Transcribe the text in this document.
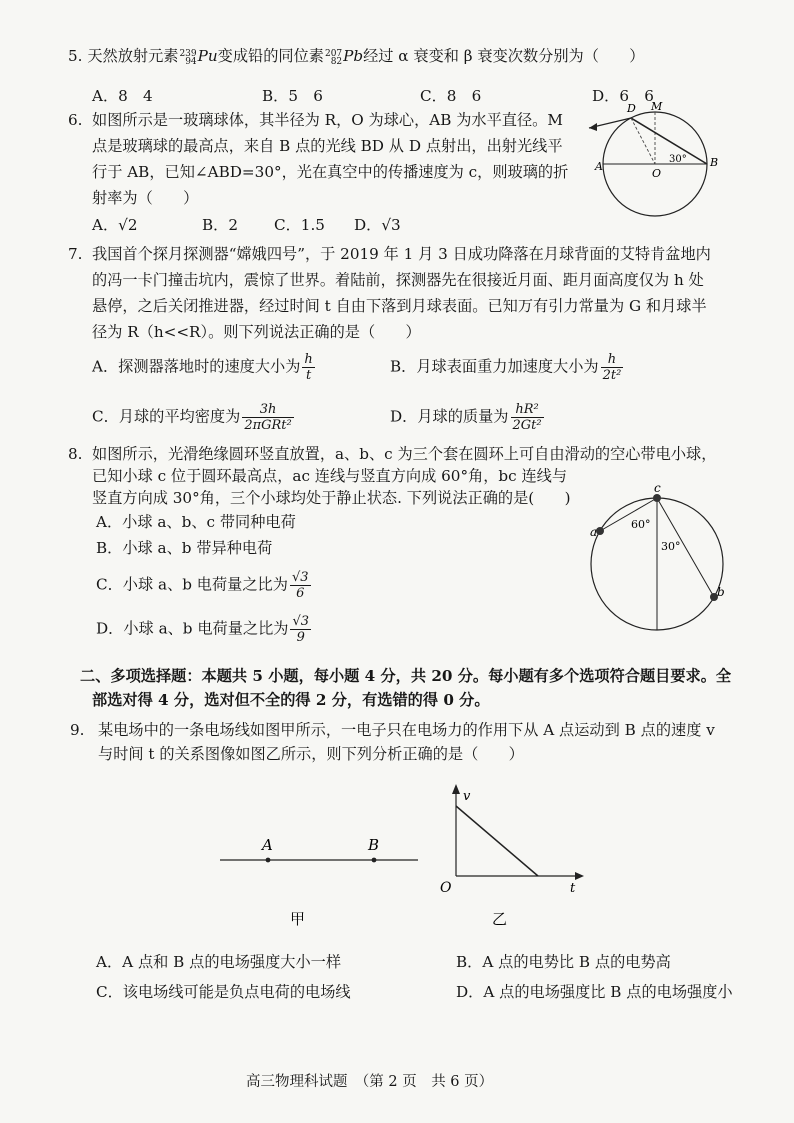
5. 天然放射元素 239
94 Pu变成铅的同位素 207
82 Pb经过 α 衰变和 β 衰变次数分别为（　　）
A．8　4	B．5　6	C．8　6	D．6　6
6. 如图所示是一玻璃球体，其半径为 R，O 为球心，AB 为水平直径。M
点是玻璃球的最高点，来自 B 点的光线 BD 从 D 点射出，出射光线平
行于 AB，已知∠ABD=30°，光在真空中的传播速度为 c，则玻璃的折
射率为（　　）
A．√2	B．2 C．1.5 D．√3
D M
A
O
B
30°
7. 我国首个探月探测器“嫦娥四号”，于 2019 年 1 月 3 日成功降落在月球背面的艾特肯盆地内
的冯一卡门撞击坑内，震惊了世界。着陆前，探测器先在很接近月面、距月面高度仅为 h 处
悬停，之后关闭推进器，经过时间 t 自由下落到月球表面。已知万有引力常量为 G 和月球半
径为 R（h<<R）。则下列说法正确的是（　　）
A．探测器落地时的速度大小为 $\frac{h}{t}$	B．月球表面重力加速度大小为 $\frac{h}{\text{2t²}}$
C．月球的平均密度为 $\frac{3h}{\text{2πGRt²}}$	D．月球的质量为 $\frac{\text{hR²}}{\text{2Gt²}}$
8. 如图所示，光滑绝缘圆环竖直放置，a、b、c 为三个套在圆环上可自由滑动的空心带电小球，
已知小球 c 位于圆环最高点，ac 连线与竖直方向成 60°角，bc 连线与
竖直方向成 30°角，三个小球均处于静止状态. 下列说法正确的是(　　)
A．小球 a、b、c 带同种电荷
B．小球 a、b 带异种电荷
C．小球 a、b 电荷量之比为 $\frac{√3}{6}$
D．小球 a、b 电荷量之比为 $\frac{√3}{9}$
c
a
b
60°
30°
二、多项选择题：本题共 5 小题，每小题 4 分，共 20 分。每小题有多个选项符合题目要求。全
部选对得 4 分，选对但不全的得 2 分，有选错的得 0 分。
9. 某电场中的一条电场线如图甲所示，一电子只在电场力的作用下从 A 点运动到 B 点的速度 v
与时间 t 的关系图像如图乙所示，则下列分析正确的是（　　）
A	B
甲
v
O	t
乙
A．A 点和 B 点的电场强度大小一样	B．A 点的电势比 B 点的电势高
C．该电场线可能是负点电荷的电场线	D．A 点的电场强度比 B 点的电场强度小
高三物理科试题　（第 2 页　共 6 页）
